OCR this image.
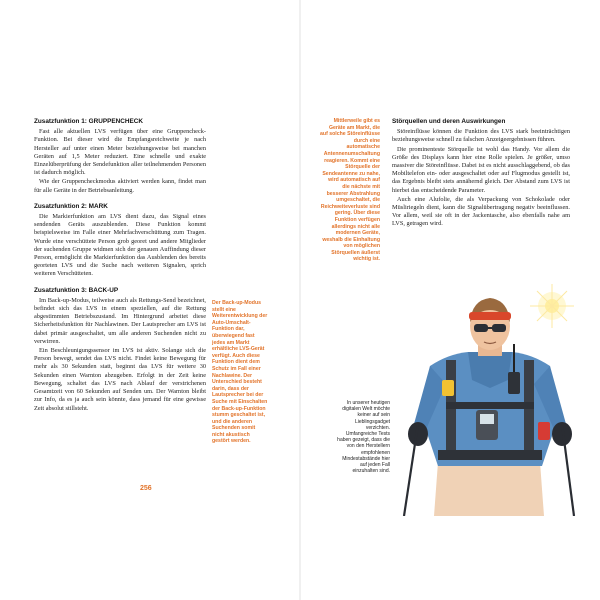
Zusatzfunktion 1: GRUPPENCHECK

Fast alle aktuellen LVS verfügen über eine Gruppencheck-Funktion. Bei dieser wird die Empfangsreichweite je nach Hersteller auf unter einen Meter beziehungsweise bei manchen Geräten auf 1,5 Meter reduziert. Eine schnelle und exakte Einzelüberprüfung der Sendefunktion aller teilnehmenden Personen ist dadurch möglich.

Wie der Gruppencheckmodus aktiviert werden kann, findet man für alle Geräte in der Betriebsanleitung.

Zusatzfunktion 2: MARK

Die Markierfunktion am LVS dient dazu, das Signal eines sendenden Geräts auszublenden. Diese Funktion kommt beispielsweise im Falle einer Mehrfachverschüttung zum Tragen. Wurde eine verschüttete Person grob georet und andere Mitglieder der suchenden Gruppe widmen sich der genauen Auffindung dieser Person, ermöglicht die Markierfunktion das Ausblenden des bereits georteten LVS und die Suche nach weiteren Signalen, sprich weiteren Verschütteten.

Zusatzfunktion 3: BACK-UP

Im Back-up-Modus, teilweise auch als Rettungs-Send bezeichnet, befindet sich das LVS in einem speziellen, auf die Rettung abgestimmten Betriebszustand. Im Hintergrund arbeitet diese Sicherheitsfunktion für Nachlawinen. Der Lautsprecher am LVS ist dabei primär ausgeschaltet, um alle anderen Suchenden nicht zu verwirren.

Ein Beschleunigungssensor im LVS ist aktiv. Solange sich die Person bewegt, sendet das LVS nicht. Findet keine Bewegung für mehr als 30 Sekunden statt, beginnt das LVS für weitere 30 Sekunden einen Warnton abzugeben. Erfolgt in der Zeit keine Bewegung, schaltet das LVS nach Ablauf der verstrichenen Gesamtzeit von 60 Sekunden auf Senden um. Der Warnton bleibt zur Info, da es ja auch sein könnte, dass jemand für eine gewisse Zeit absolut stillsteht.

Der Back-up-Modus stellt eine Weiterentwicklung der Auto-Umschalt-Funktion dar, überwiegend fast jedes am Markt erhältliche LVS-Gerät verfügt. Auch diese Funktion dient dem Schutz im Fall einer Nachlawine. Der Unterschied besteht darin, dass der Lautsprecher bei der Suche mit Einschalten der Back-up-Funktion stumm geschaltet ist, und die anderen Suchenden somit nicht akustisch gestört werden.
256
Mittlerweile gibt es Geräte am Markt, die auf solche Störeinflüsse durch eine automatische Antennenumschaltung reagieren. Kommt eine Störquelle der Sendeantenne zu nahe, wird automatisch auf die nächste mit besserer Abstrahlung umgeschaltet, die Reichweiteverluste sind gering. Über diese Funktion verfügen allerdings nicht alle modernen Geräte, weshalb die Einhaltung von möglichen Störquellen äußerst wichtig ist.
Störquellen und deren Auswirkungen

Störeinflüsse können die Funktion des LVS stark beeinträchtigen beziehungsweise schnell zu falschen Anzeigeergebnissen führen.

Die prominenteste Störquelle ist wohl das Handy. Vor allem die Größe des Displays kann hier eine Rolle spielen. Je größer, umso massiver die Störeinflüsse. Dabei ist es nicht ausschlaggebend, ob das Mobiltelefon ein- oder ausgeschaltet oder auf Flugmodus gestellt ist, das Ergebnis bleibt stets annähernd gleich. Der Abstand zum LVS ist hierbei das entscheidende Parameter.

Auch eine Alufolie, die als Verpackung von Schokolade oder Müsliriegeln dient, kann die Signalübertragung negativ beeinflussen. Vor allem, weil sie oft in der Jackentasche, also ebenfalls nahe am LVS, getragen wird.

In unserer heutigen digitalen Welt möchte keiner auf sein Lieblingsgadget verzichten. Umfangreiche Tests haben gezeigt, dass die von den Herstellern empfohlenen Mindestabstände hier auf jeden Fall einzuhalten sind.
